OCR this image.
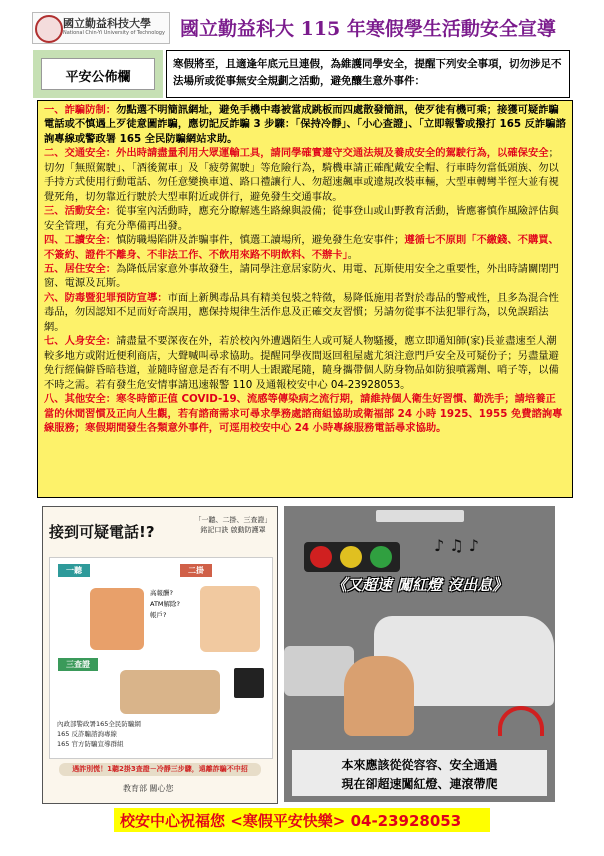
國立勤益科技大學
National Chin-Yi University of Technology 國立勤益科大 115 年寒假學生活動安全宣導
平安公佈欄
寒假將至，且適逢年底元旦連假，為維護同學安全，提醒下列安全事項，切勿涉足不法場所或從事無安全規劃之活動，避免釀生意外事件：

一、詐騙防制：勿點選不明簡訊網址，避免手機中毒被當成跳板而四處散發簡訊，使歹徒有機可乘；接獲可疑詐騙電話或不慎遇上歹徒意圖詐騙，應切記反詐騙 3 步驟：「保持冷靜」、「小心查證」、「立即報警或撥打 165 反詐騙諮詢專線或警政署 165 全民防騙網站求助。

二、交通安全：外出時請盡量利用大眾運輸工具，請同學確實遵守交通法規及養成安全的駕駛行為，以確保安全；切勿「無照駕駛」、「酒後駕車」及「疲勞駕駛」等危險行為，騎機車請正確配戴安全帽、行車時勿當低頭族、勿以手持方式使用行動電話、勿任意變換車道、路口禮讓行人、勿超速飆車或違規改裝車輛，大型車轉彎半徑大並有視覺死角，切勿靠近行駛於大型車附近或併行，避免發生交通事故。

三、活動安全：從事室內活動時，應充分瞭解逃生路線與設備；從事登山或山野教育活動，皆應審慎作風險評估與安全管理，有充分準備再出發。

四、工讀安全：慎防職場陷阱及詐騙事件，慎選工讀場所，避免發生危安事件；遵循七不原則「不繳錢、不購買、不簽約、證件不離身、不非法工作、不飲用來路不明飲料、不辦卡」。

五、居住安全：為降低居家意外事故發生，請同學注意居家防火、用電、瓦斯使用安全之重要性，外出時請關閉門窗、電源及瓦斯。

六、防毒暨犯罪預防宣導：市面上新興毒品具有精美包裝之特徵，易降低施用者對於毒品的警戒性，且多為混合性毒品，勿因認知不足而好奇誤用，應保持規律生活作息及正確交友習慣；另請勿從事不法犯罪行為，以免誤蹈法網。

七、人身安全：請盡量不要深夜在外，若於校內外遭遇陌生人或可疑人物騷擾，應立即通知師(家)長並盡速至人潮較多地方或附近便利商店，大聲喊叫尋求協助。提醒同學夜間返回租屋處尤須注意門戶安全及可疑份子；另盡量避免行經偏僻昏暗巷道，並隨時留意是否有不明人士跟蹤尾隨，隨身攜帶個人防身物品如防狼噴霧劑、哨子等，以備不時之需。若有發生危安情事請迅速報警 110 及通報校安中心 04-23928053。

八、其他安全：寒冬時節正值 COVID-19、流感等傳染病之流行期，請維持個人衛生好習慣、勤洗手；請培養正當的休閒習慣及正向人生觀，若有諮商需求可尋求學務處諮商組協助或衛福部 24 小時 1925、1955 免費諮詢專線服務；寒假期間發生各類意外事件，可逕用校安中心 24 小時專線服務電話尋求協助。

接到可疑電話!?
「一聽、二掛、三查證」銘記口訣 啟動防護罩
一聽	二掛
三查證
高報酬?
ATM解除?
帳戶?
內政部警政署165全民防騙網
165 反詐騙諮詢專線
165 官方防騙宣導群組
遇詐別慌！1聽2掛3查證－冷靜三步驟，遠離詐騙不中招
教育部 關心您
♪ ♫ ♪
《又超速 闖紅燈 沒出息》
本來應該從從容容、安全通過
現在卻超速闖紅燈、連滾帶爬
校安中心祝福您 <寒假平安快樂> 04-23928053
